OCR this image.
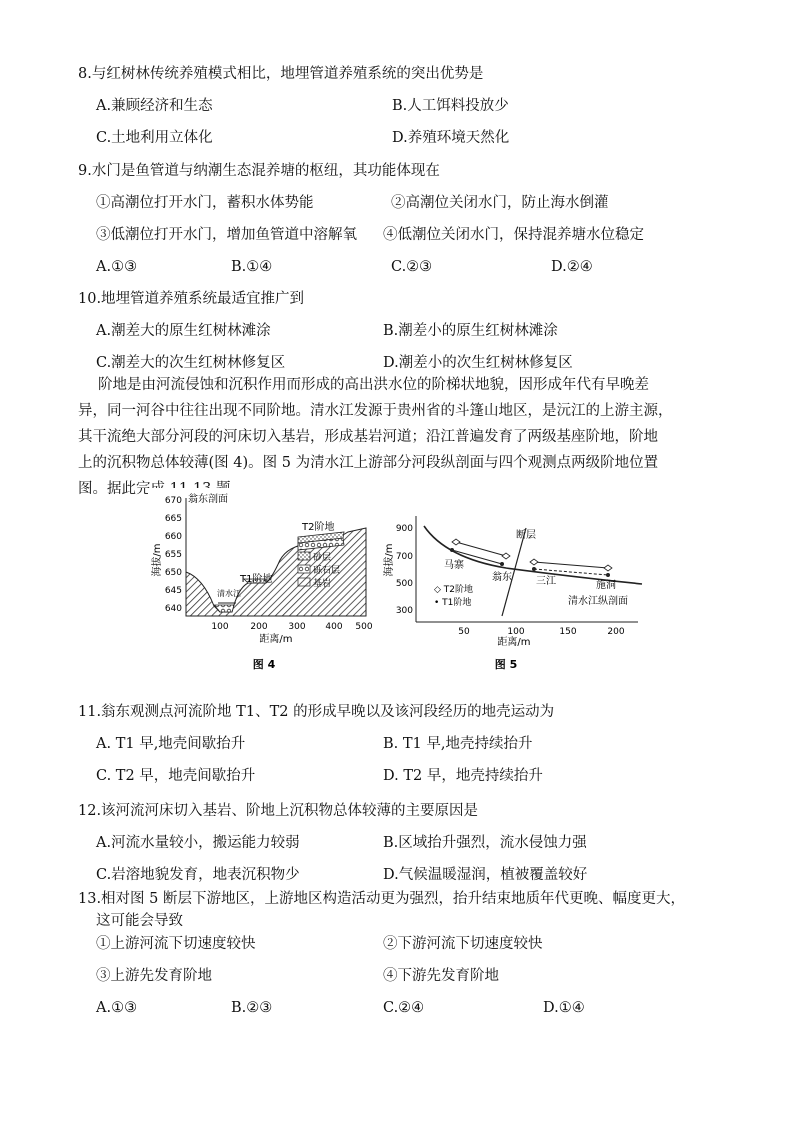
8.与红树林传统养殖模式相比，地埋管道养殖系统的突出优势是
A.兼顾经济和生态	B.人工饵料投放少
C.土地利用立体化	D.养殖环境天然化
9.水门是鱼管道与纳潮生态混养塘的枢纽，其功能体现在
①高潮位打开水门，蓄积水体势能	②高潮位关闭水门，防止海水倒灌
③低潮位打开水门，增加鱼管道中溶解氧 ④低潮位关闭水门，保持混养塘水位稳定
A.①③	B.①④	C.②③	D.②④
10.地埋管道养殖系统最适宜推广到
A.潮差大的原生红树林滩涂	B.潮差小的原生红树林滩涂
C.潮差大的次生红树林修复区	D.潮差小的次生红树林修复区
阶地是由河流侵蚀和沉积作用而形成的高出洪水位的阶梯状地貌，因形成年代有早晚差
异，同一河谷中往往出现不同阶地。清水江发源于贵州省的斗篷山地区，是沅江的上游主源，
其干流绝大部分河段的河床切入基岩，形成基岩河道；沿江普遍发育了两级基座阶地，阶地
上的沉积物总体较薄(图 4)。图 5 为清水江上游部分河段纵剖面与四个观测点两级阶地位置
图。据此完成 11-13 题。
翁东剖面
海拔/m
670
665
660
655
650
645
640
100 200 300 400 500
距离/m
清水江
T1阶地
T2阶地
砂层
砾石层
基岩
图 4
海拔/m
900
700
500
300
50	100	150	200
距离/m
断层
马寨
翁东 三江	施洞
◇ T2阶地
• T1阶地	清水江纵剖面
图 5
11.翁东观测点河流阶地 T1、T2 的形成早晚以及该河段经历的地壳运动为
A. T1 早,地壳间歇抬升	B. T1 早,地壳持续抬升
C. T2 早，地壳间歇抬升	D. T2 早，地壳持续抬升
12.该河流河床切入基岩、阶地上沉积物总体较薄的主要原因是
A.河流水量较小，搬运能力较弱	B.区域抬升强烈，流水侵蚀力强
C.岩溶地貌发育，地表沉积物少	D.气候温暖湿润，植被覆盖较好
13.相对图 5 断层下游地区，上游地区构造活动更为强烈，抬升结束地质年代更晚、幅度更大，
这可能会导致
①上游河流下切速度较快	②下游河流下切速度较快
③上游先发育阶地	④下游先发育阶地
A.①③	B.②③	C.②④	D.①④
